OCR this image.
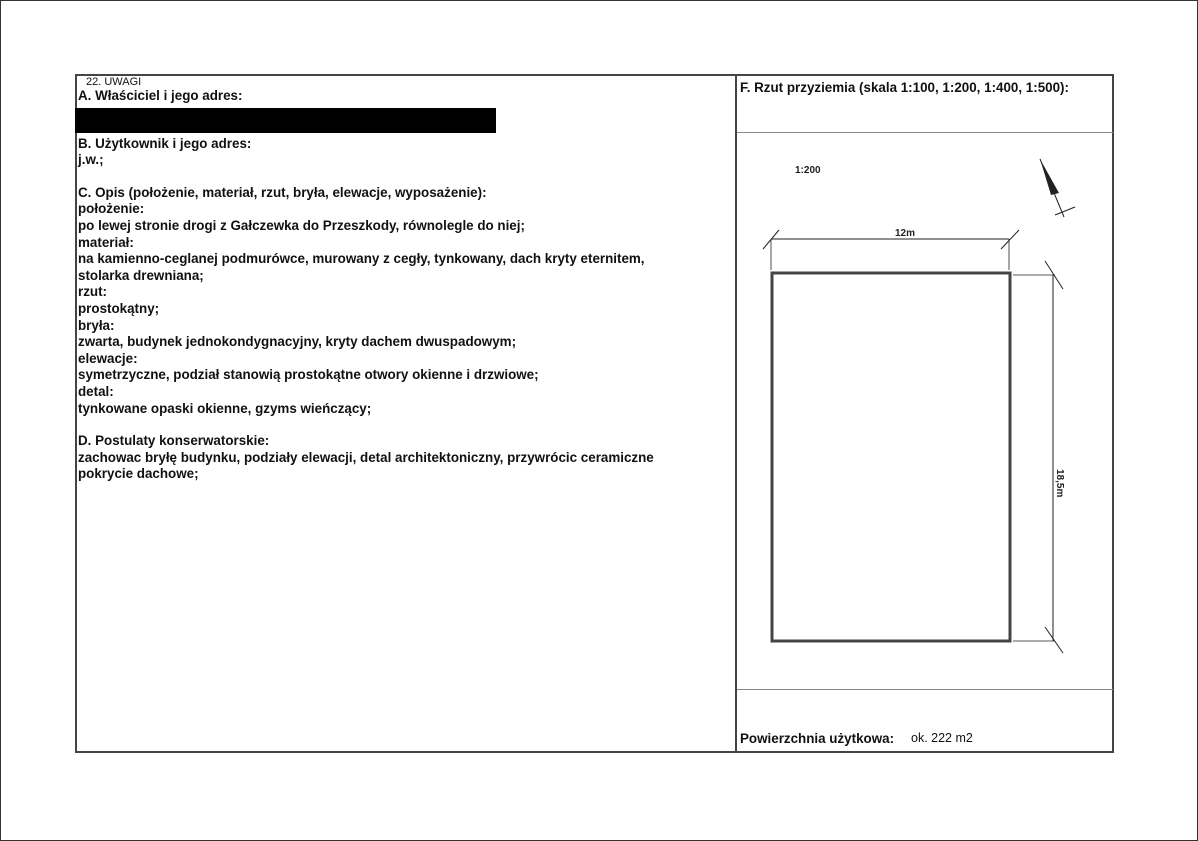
22. UWAGI
A. Właściciel i jego adres:
B. Użytkownik i jego adres:
j.w.;
C. Opis (położenie, materiał, rzut, bryła, elewacje, wyposażenie):
położenie:
po lewej stronie drogi z Gałczewka do Przeszkody, równolegle do niej;
materiał:
na kamienno-ceglanej podmurówce, murowany z cegły, tynkowany, dach kryty eternitem,
stolarka drewniana;
rzut:
prostokątny;
bryła:
zwarta, budynek jednokondygnacyjny, kryty dachem dwuspadowym;
elewacje:
symetrzyczne, podział stanowią prostokątne otwory okienne i drzwiowe;
detal:
tynkowane opaski okienne, gzyms wieńczący;
D. Postulaty konserwatorskie:
zachowac bryłę budynku, podziały elewacji, detal architektoniczny, przywrócic ceramiczne
pokrycie dachowe;
F. Rzut przyziemia (skala 1:100, 1:200, 1:400, 1:500):
1:200
12m
18,5m
Powierzchnia użytkowa: ok. 222 m2
